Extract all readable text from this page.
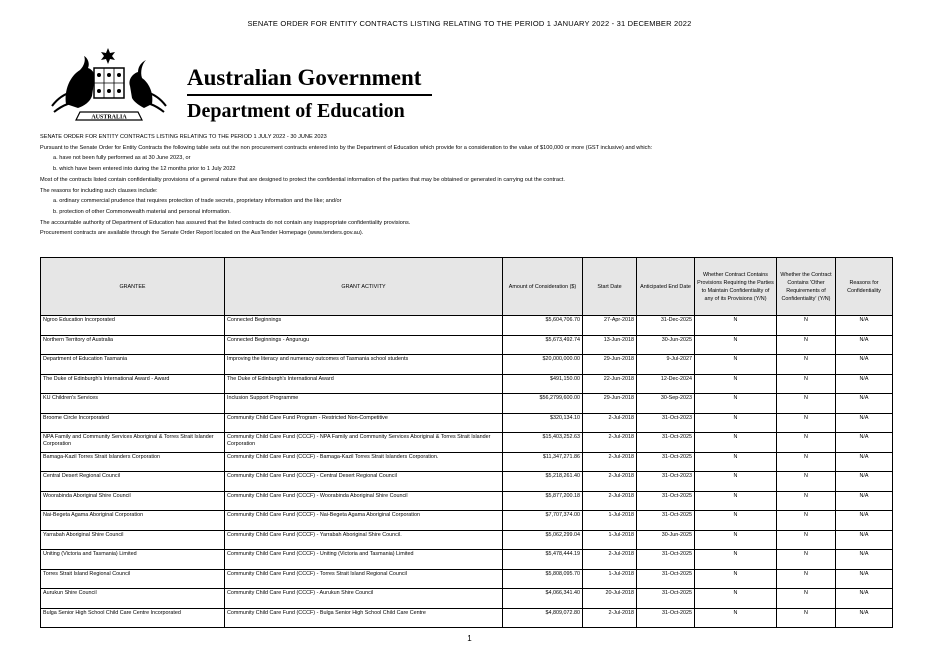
SENATE ORDER FOR ENTITY CONTRACTS LISTING RELATING TO THE PERIOD 1 JANUARY 2022 - 31 DECEMBER 2022
AUSTRALIA
Australian Government
Department of Education
SENATE ORDER FOR ENTITY CONTRACTS LISTING RELATING TO THE PERIOD 1 JULY 2022 - 30 JUNE 2023
Pursuant to the Senate Order for Entity Contracts the following table sets out the non procurement contracts entered into by the Department of Education which provide for a consideration to the value of $100,000 or more (GST inclusive) and which:
a. have not been fully performed as at 30 June 2023, or
b. which have been entered into during the 12 months prior to 1 July 2022
Most of the contracts listed contain confidentiality provisions of a general nature that are designed to protect the confidential information of the parties that may be obtained or generated in carrying out the contract.
The reasons for including such clauses include:
a. ordinary commercial prudence that requires protection of trade secrets, proprietary information and the like; and/or
b. protection of other Commonwealth material and personal information.
The accountable authority of Department of Education has assured that the listed contracts do not contain any inappropriate confidentiality provisions.
Procurement contracts are available through the Senate Order Report located on the AusTender Homepage (www.tenders.gov.au).
GRANTEE	GRANT ACTIVITY	Amount of Consideration ($)	Start Date	Anticipated End Date	Whether Contract Contains Provisions Requiring the Parties to Maintain Confidentiality of any of its Provisions (Y/N)	Whether the Contract Contains 'Other Requirements of Confidentiality' (Y/N)	Reasons for Confidentiality
Ngroo Education Incorporated	Connected Beginnings	$5,604,706.70	27-Apr-2018	31-Dec-2025	N	N	N/A
Northern Territory of Australia	Connected Beginnings - Angurugu	$5,673,492.74	13-Jun-2018	30-Jun-2025	N	N	N/A
Department of Education Tasmania	Improving the literacy and numeracy outcomes of Tasmania school students	$20,000,000.00	29-Jun-2018	9-Jul-2027	N	N	N/A
The Duke of Edinburgh's International Award - Award	The Duke of Edinburgh's International Award	$491,150.00	22-Jun-2018	12-Dec-2024	N	N	N/A
KU Children's Services	Inclusion Support Programme	$56,2799,600.00	29-Jun-2018	30-Sep-2023	N	N	N/A
Broome Circle Incorporated	Community Child Care Fund Program - Restricted Non-Competitive	$320,134.10	2-Jul-2018	31-Oct-2023	N	N	N/A
NPA Family and Community Services Aboriginal & Torres Strait Islander Corporation	Community Child Care Fund (CCCF) - NPA Family and Community Services Aboriginal & Torres Strait Islander Corporation	$15,403,252.63	2-Jul-2018	31-Oct-2025	N	N	N/A
Bamaga-Kazil Torres Strait Islanders Corporation	Community Child Care Fund (CCCF) - Bamaga-Kazil Torres Strait Islanders Corporation.	$11,347,271.86	2-Jul-2018	31-Oct-2025	N	N	N/A
Central Desert Regional Council	Community Child Care Fund (CCCF) - Central Desert Regional Council	$5,218,261.40	2-Jul-2018	31-Oct-2023	N	N	N/A
Woorabinda Aboriginal Shire Council	Community Child Care Fund (CCCF) - Woorabinda Aboriginal Shire Council	$5,877,200.18	2-Jul-2018	31-Oct-2025	N	N	N/A
Nai-Begeta Agama Aboriginal Corporation	Community Child Care Fund (CCCF) - Nai-Begeta Agama Aboriginal Corporation	$7,707,374.00	1-Jul-2018	31-Oct-2025	N	N	N/A
Yarrabah Aboriginal Shire Council	Community Child Care Fund (CCCF) - Yarrabah Aboriginal Shire Council.	$5,062,299.04	1-Jul-2018	30-Jun-2025	N	N	N/A
Uniting (Victoria and Tasmania) Limited	Community Child Care Fund (CCCF) - Uniting (Victoria and Tasmania) Limited	$5,478,444.19	2-Jul-2018	31-Oct-2025	N	N	N/A
Torres Strait Island Regional Council	Community Child Care Fund (CCCF) - Torres Strait Island Regional Council	$5,808,095.70	1-Jul-2018	31-Oct-2025	N	N	N/A
Aurukun Shire Council	Community Child Care Fund (CCCF) - Aurukun Shire Council	$4,066,341.40	20-Jul-2018	31-Oct-2025	N	N	N/A
Bulga Senior High School Child Care Centre Incorporated	Community Child Care Fund (CCCF) - Bulga Senior High School Child Care Centre	$4,809,072.80	2-Jul-2018	31-Oct-2025	N	N	N/A
1
